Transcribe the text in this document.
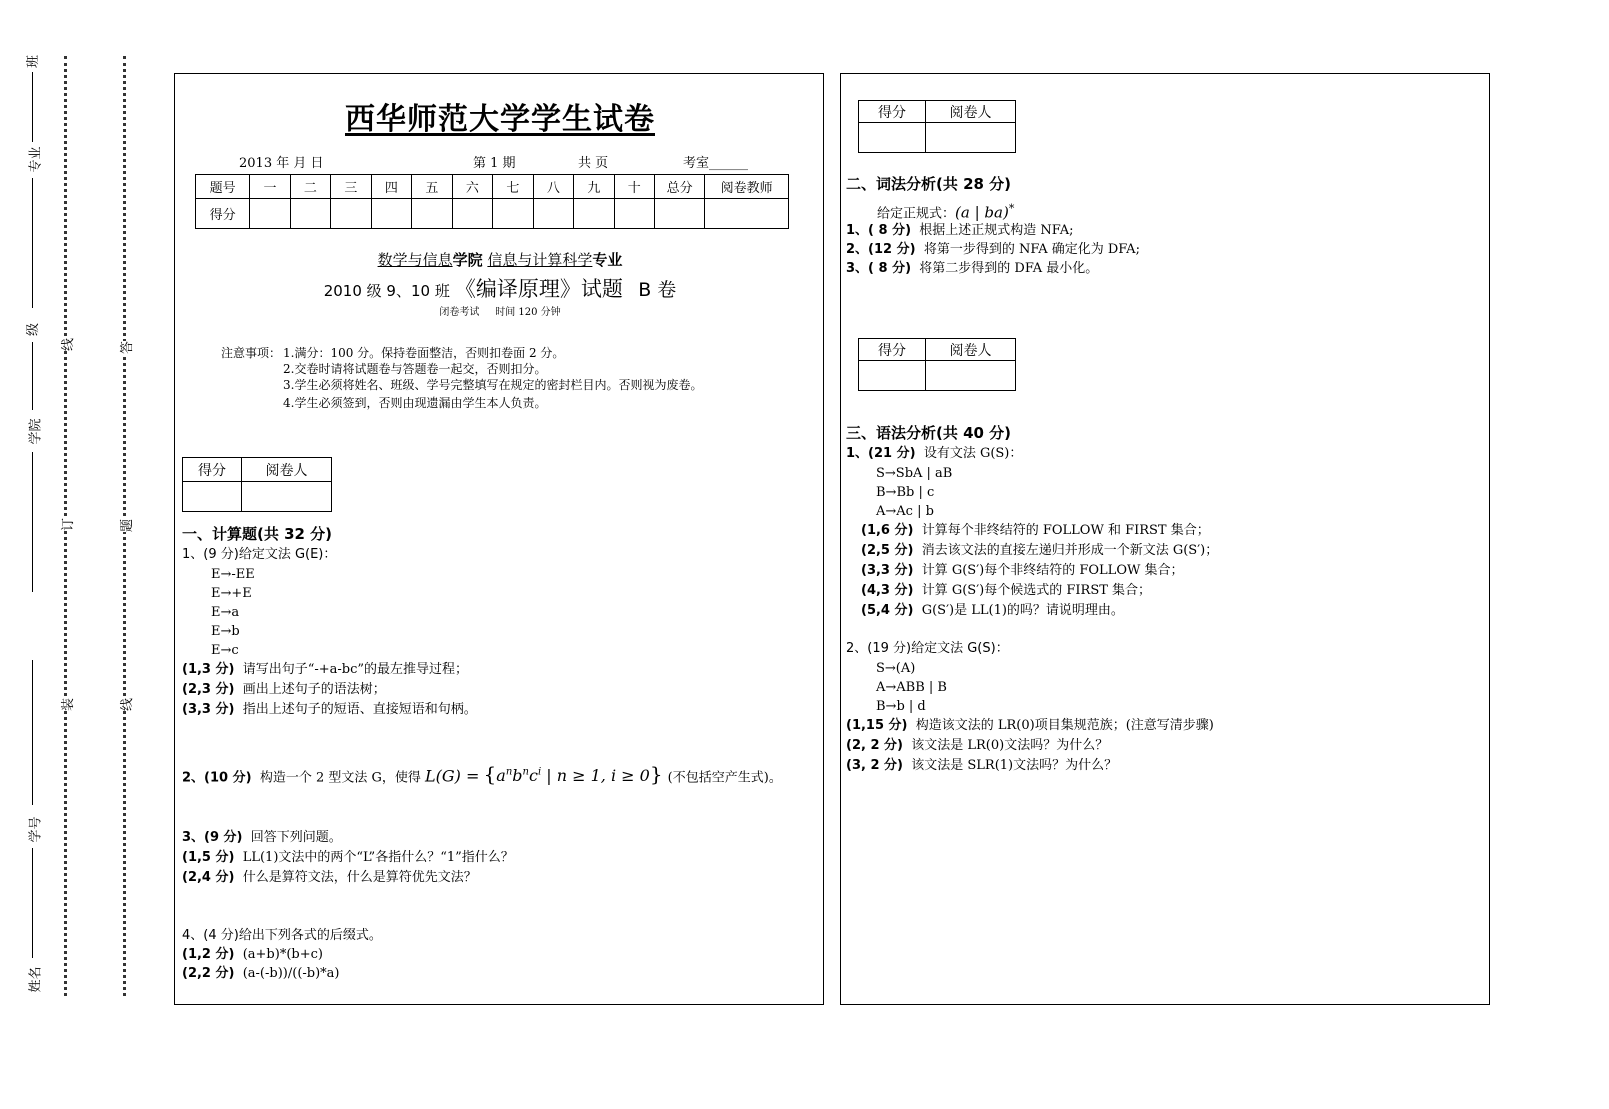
班
专业
级
学院
学号
姓名
线
订
装
答
题
线
西华师范大学学生试卷
2013 年 月 日	第 1 期	共 页	考室______
题号	一	二	三	四	五	六	七	八	九	十	总分	阅卷教师
得分												
数学与信息学院 信息与计算科学专业
2010 级 9、10 班 《编译原理》试题 B 卷
闭卷考试     时间 120 分钟
注意事项： 1.满分：100 分。保持卷面整洁，否则扣卷面 2 分。
2.交卷时请将试题卷与答题卷一起交，否则扣分。
3.学生必须将姓名、班级、学号完整填写在规定的密封栏目内。否则视为废卷。
4.学生必须签到，否则由现遗漏由学生本人负责。
得分	阅卷人

一、计算题(共 32 分)
1、(9 分)给定文法 G(E)：
E→-EE
E→+E
E→a
E→b
E→c
(1,3 分) 请写出句子“-+a-bc”的最左推导过程；
(2,3 分) 画出上述句子的语法树；
(3,3 分) 指出上述句子的短语、直接短语和句柄。
2、(10 分) 构造一个 2 型文法 G，使得 $L(G) = \{a^nb^nc^i$ | n ≥ 1, i ≥ 0} (不包括空产生式)。
3、(9 分) 回答下列问题。
(1,5 分) LL(1)文法中的两个“L”各指什么？“1”指什么？
(2,4 分) 什么是算符文法，什么是算符优先文法？
4、(4 分)给出下列各式的后缀式。
(1,2 分) (a+b)*(b+c)
(2,2 分) (a-(-b))/((-b)*a)
得分	阅卷人

二、词法分析(共 28 分)
给定正规式：(a | ba)*
1、( 8 分) 根据上述正规式构造 NFA;
2、(12 分) 将第一步得到的 NFA 确定化为 DFA;
3、( 8 分) 将第二步得到的 DFA 最小化。
得分	阅卷人

三、语法分析(共 40 分)
1、(21 分) 设有文法 G(S)：
S→SbA | aB
B→Bb | c
A→Ac | b
(1,6 分) 计算每个非终结符的 FOLLOW 和 FIRST 集合；
(2,5 分) 消去该文法的直接左递归并形成一个新文法 G(S′)；
(3,3 分) 计算 G(S′)每个非终结符的 FOLLOW 集合；
(4,3 分) 计算 G(S′)每个候选式的 FIRST 集合；
(5,4 分) G(S′)是 LL(1)的吗？请说明理由。
2、(19 分)给定文法 G(S)：
S→(A)
A→ABB | B
B→b | d
(1,15 分) 构造该文法的 LR(0)项目集规范族；(注意写清步骤)
(2, 2 分) 该文法是 LR(0)文法吗？为什么？
(3, 2 分) 该文法是 SLR(1)文法吗？为什么？
